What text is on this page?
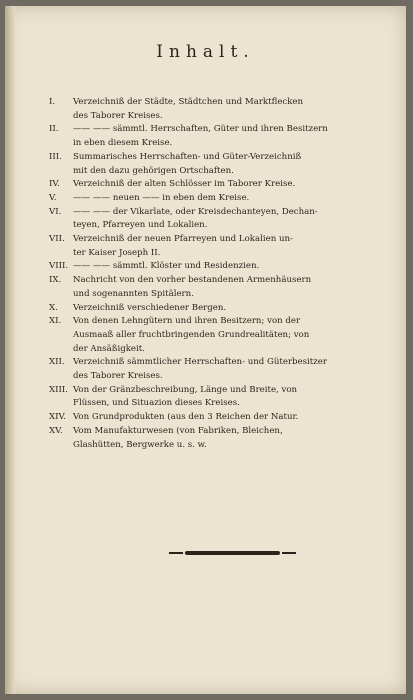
Inhalt.
I.	Verzeichniß der Städte, Städtchen und Marktflecken
des Taborer Kreises.
II.	—— —— sämmtl. Herrschaften, Güter und ihren Besitzern
in eben diesem Kreise.
III.	Summarisches Herrschaften- und Güter-Verzeichniß
mit den dazu gehörigen Ortschaften.
IV.	Verzeichniß der alten Schlösser im Taborer Kreise.
V.	—— —— neuen —— in eben dem Kreise.
VI.	—— —— der Vikarlate, oder Kreisdechanteyen, Dechan-
teyen, Pfarreyen und Lokalien.
VII. Verzeichniß der neuen Pfarreyen und Lokalien un-
ter Kaiser Joseph II.
VIII. —— —— sämmtl. Klöster und Residenzien.
IX.	Nachricht von den vorher bestandenen Armenhäusern
und sogenannten Spitälern.
X.	Verzeichniß verschiedener Bergen.
XI.	Von denen Lehngütern und ihren Besitzern; von der
Ausmaaß aller fruchtbringenden Grundrealitäten; von
der Ansäßigkeit.
XII. Verzeichniß sämmtlicher Herrschaften- und Güterbesitzer
des Taborer Kreises.
XIII. Von der Gränzbeschreibung, Länge und Breite, von
Flüssen, und Situazion dieses Kreises.
XIV. Von Grundprodukten (aus den 3 Reichen der Natur.
XV.	Vom Manufakturwesen (von Fabriken, Bleichen,
Glashütten, Bergwerke u. s. w.
